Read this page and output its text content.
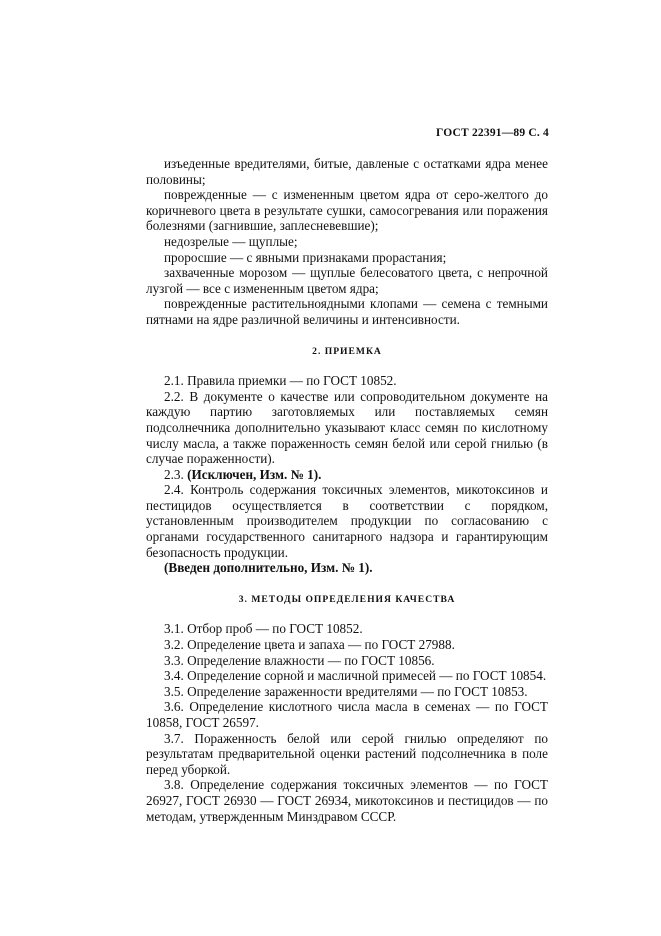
ГОСТ 22391—89 С. 4

изъеденные вредителями, битые, давленые с остатками ядра менее половины;

поврежденные — с измененным цветом ядра от серо-желтого до коричневого цвета в результате сушки, самосогревания или поражения болезнями (загнившие, заплесневевшие);

недозрелые — щуплые;

проросшие — с явными признаками прорастания;

захваченные морозом — щуплые белесоватого цвета, с непрочной лузгой — все с измененным цветом ядра;

поврежденные растительноядными клопами — семена с темными пятнами на ядре различной величины и интенсивности.

2. ПРИЕМКА

2.1. Правила приемки — по ГОСТ 10852.

2.2. В документе о качестве или сопроводительном документе на каждую партию заготовляемых или поставляемых семян подсолнечника дополнительно указывают класс семян по кислотному числу масла, а также пораженность семян белой или серой гнилью (в случае пораженности).

2.3. (Исключен, Изм. № 1).

2.4. Контроль содержания токсичных элементов, микотоксинов и пестицидов осуществляется в соответствии с порядком, установленным производителем продукции по согласованию с органами государственного санитарного надзора и гарантирующим безопасность продукции.

(Введен дополнительно, Изм. № 1).

3. МЕТОДЫ ОПРЕДЕЛЕНИЯ КАЧЕСТВА

3.1. Отбор проб — по ГОСТ 10852.

3.2. Определение цвета и запаха — по ГОСТ 27988.

3.3. Определение влажности — по ГОСТ 10856.

3.4. Определение сорной и масличной примесей — по ГОСТ 10854.

3.5. Определение зараженности вредителями — по ГОСТ 10853.

3.6. Определение кислотного числа масла в семенах — по ГОСТ 10858, ГОСТ 26597.

3.7. Пораженность белой или серой гнилью определяют по результатам предварительной оценки растений подсолнечника в поле перед уборкой.

3.8. Определение содержания токсичных элементов — по ГОСТ 26927, ГОСТ 26930 — ГОСТ 26934, микотоксинов и пестицидов — по методам, утвержденным Минздравом СССР.
